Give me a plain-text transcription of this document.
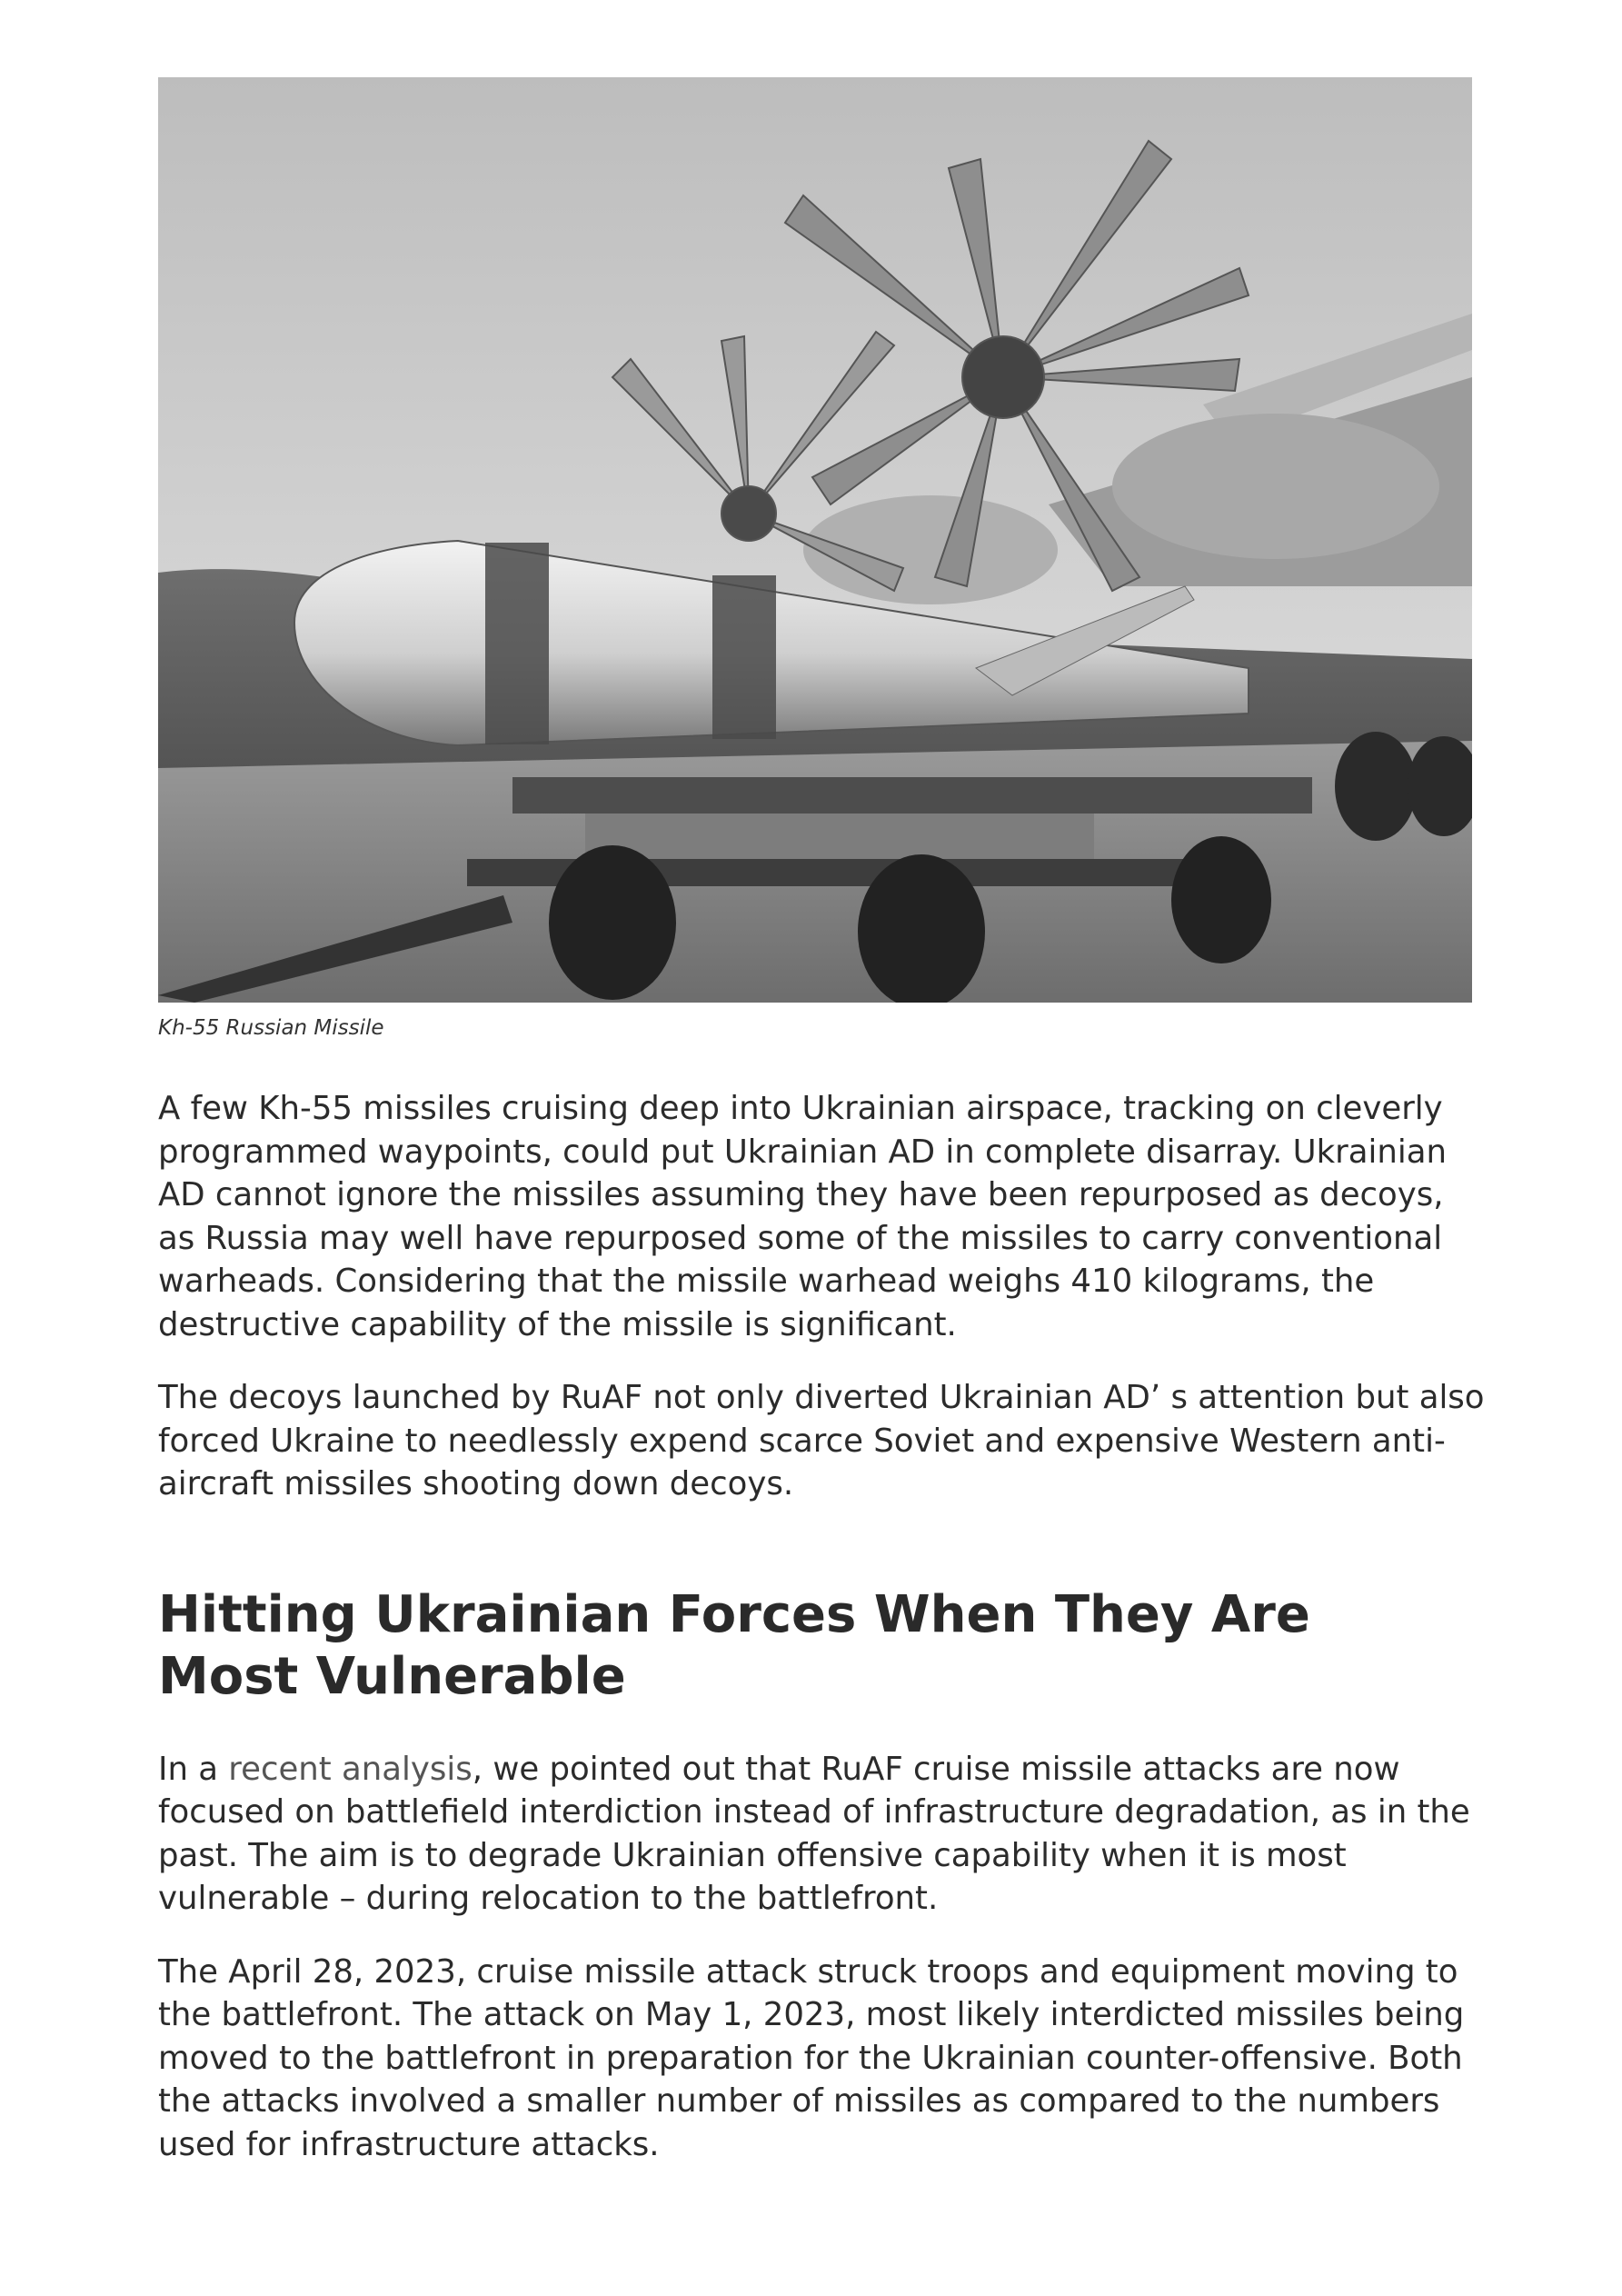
Kh-55 Russian Missile

A few Kh-55 missiles cruising deep into Ukrainian airspace, tracking on cleverly programmed waypoints, could put Ukrainian AD in complete disarray. Ukrainian AD cannot ignore the missiles assuming they have been repurposed as decoys, as Russia may well have repurposed some of the missiles to carry conventional warheads. Considering that the missile warhead weighs 410 kilograms, the destructive capability of the missile is significant.

The decoys launched by RuAF not only diverted Ukrainian AD’ s attention but also forced Ukraine to needlessly expend scarce Soviet and expensive Western anti-aircraft missiles shooting down decoys.

Hitting Ukrainian Forces When They Are Most Vulnerable

In a recent analysis, we pointed out that RuAF cruise missile attacks are now focused on battlefield interdiction instead of infrastructure degradation, as in the past. The aim is to degrade Ukrainian offensive capability when it is most vulnerable – during relocation to the battlefront.

The April 28, 2023, cruise missile attack struck troops and equipment moving to the battlefront. The attack on May 1, 2023, most likely interdicted missiles being moved to the battlefront in preparation for the Ukrainian counter-offensive. Both the attacks involved a smaller number of missiles as compared to the numbers used for infrastructure attacks.
